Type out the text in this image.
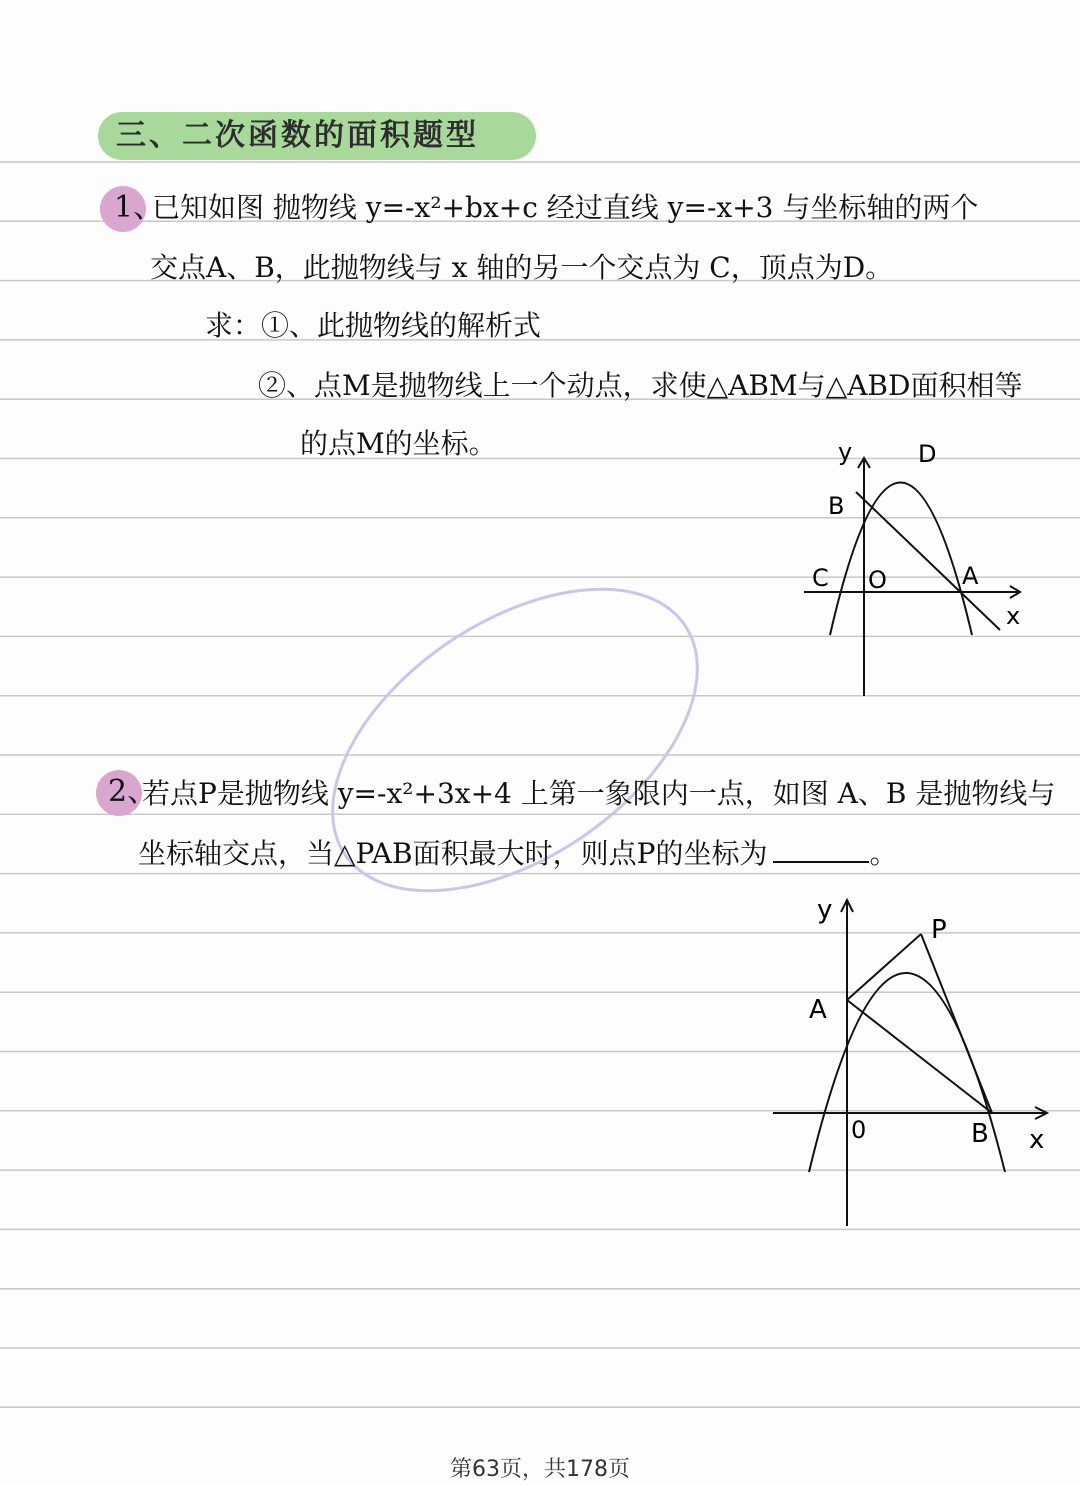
三、二次函数的面积题型
1、
已知如图 抛物线 y=-x²+bx+c 经过直线 y=-x+3 与坐标轴的两个
交点A、B，此抛物线与 x 轴的另一个交点为 C，顶点为D。
求：①、此抛物线的解析式
②、点M是抛物线上一个动点，求使△ABM与△ABD面积相等
的点M的坐标。	y	D
B
C O	A
x
2、
若点P是抛物线 y=-x²+3x+4 上第一象限内一点，如图 A、B 是抛物线与
坐标轴交点，当△PAB面积最大时，则点P的坐标为	。
y
P
A
0	B x
第63页，共178页
